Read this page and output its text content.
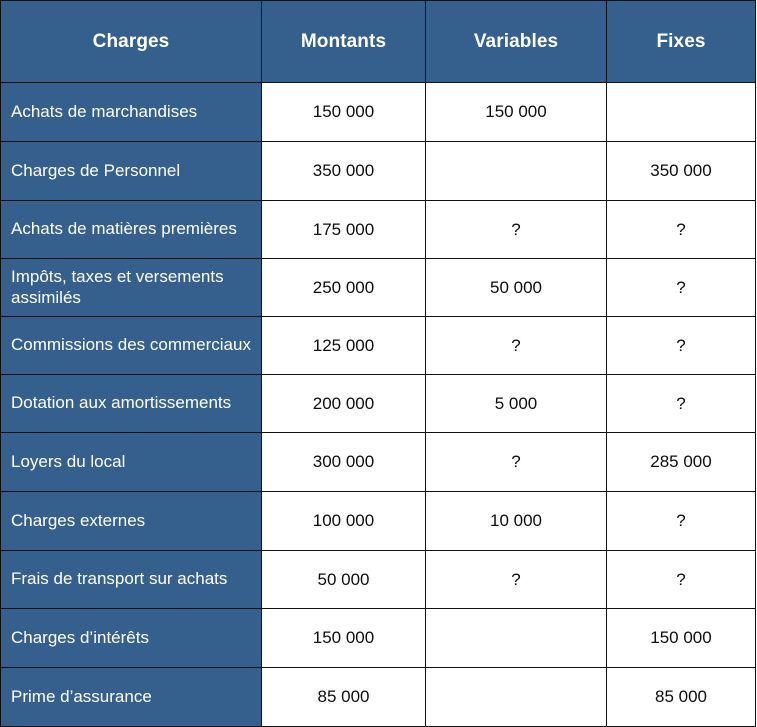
Charges	Montants	Variables	Fixes
Achats de marchandises	150 000	150 000	
Charges de Personnel	350 000		350 000
Achats de matières premières	175 000	?	?
Impôts, taxes et versements assimilés	250 000	50 000	?
Commissions des commerciaux	125 000	?	?
Dotation aux amortissements	200 000	5 000	?
Loyers du local	300 000	?	285 000
Charges externes	100 000	10 000	?
Frais de transport sur achats	50 000	?	?
Charges d’intérêts	150 000		150 000
Prime d’assurance	85 000		85 000
